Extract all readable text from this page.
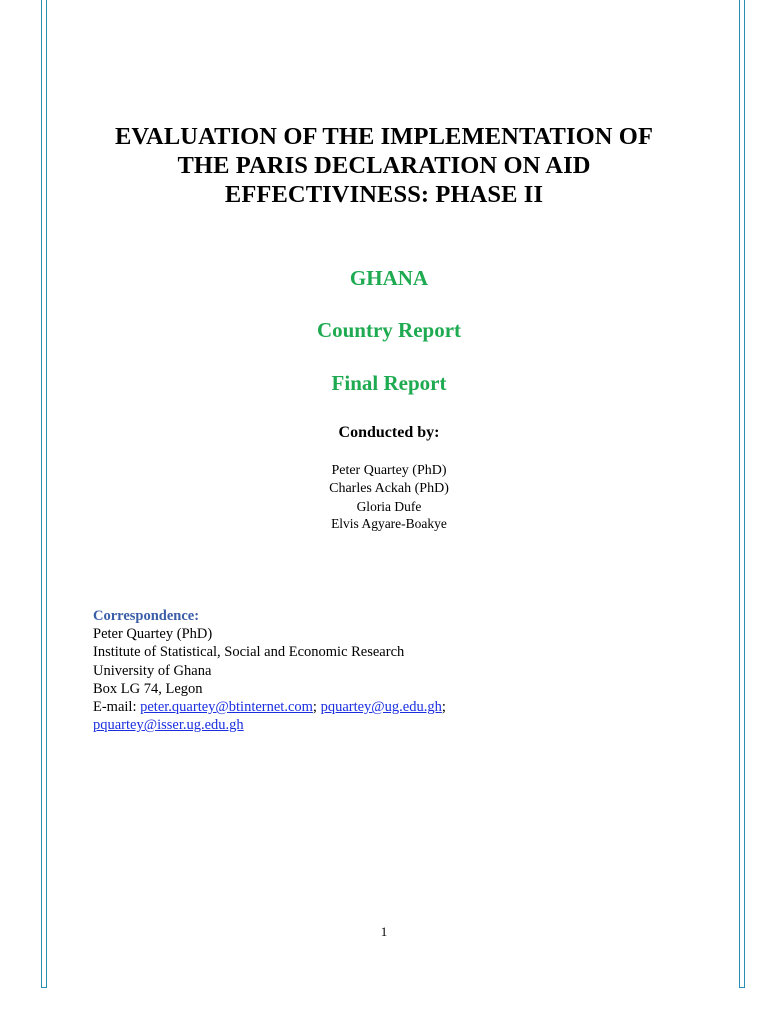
EVALUATION OF THE IMPLEMENTATION OF
THE PARIS DECLARATION ON AID
EFFECTIVINESS: PHASE II
GHANA
Country Report
Final Report

Conducted by:

Peter Quartey (PhD)
Charles Ackah (PhD)
Gloria Dufe
Elvis Agyare-Boakye
Correspondence:
Peter Quartey (PhD)
Institute of Statistical, Social and Economic Research
University of Ghana
Box LG 74, Legon
E-mail: peter.quartey@btinternet.com; pquartey@ug.edu.gh;
pquartey@isser.ug.edu.gh
1
